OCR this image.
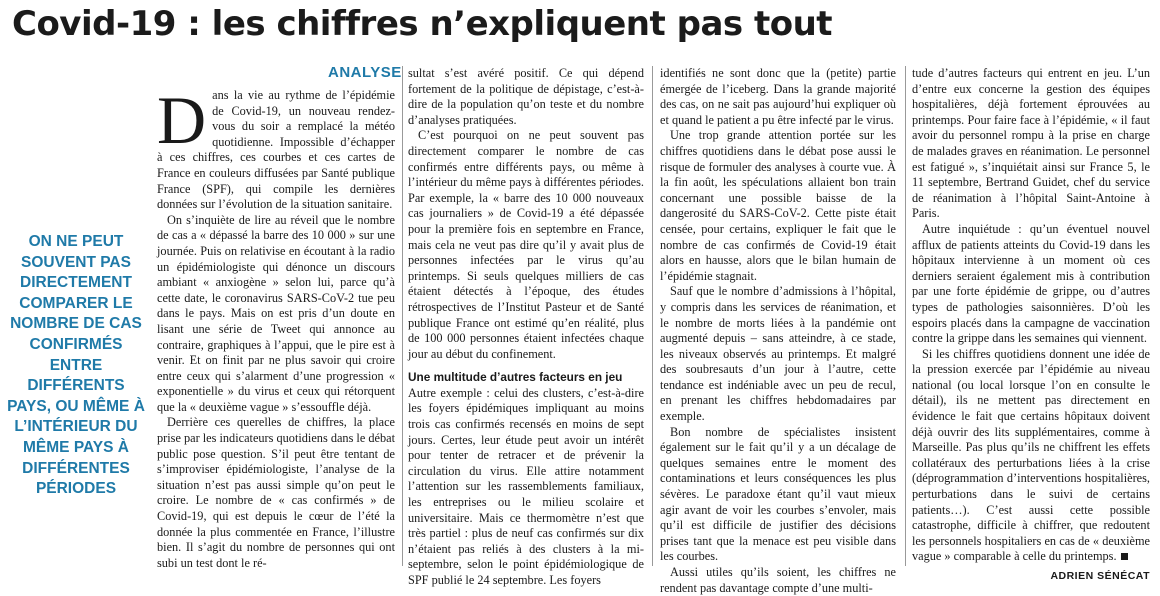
Covid-19 : les chiffres n’expliquent pas tout
ANALYSE
ON NE PEUT SOUVENT PAS DIRECTEMENT COMPARER LE NOMBRE DE CAS CONFIRMÉS ENTRE DIFFÉRENTS PAYS, OU MÊME À L’INTÉRIEUR DU MÊME PAYS À DIFFÉRENTES PÉRIODES

Dans la vie au rythme de l’épidémie de Covid-19, un nouveau rendez-vous du soir a remplacé la météo quotidienne. Impossible d’échapper à ces chiffres, ces courbes et ces cartes de France en couleurs diffusées par Santé publique France (SPF), qui compile les dernières données sur l’évolution de la situation sanitaire.

On s’inquiète de lire au réveil que le nombre de cas a « dépassé la barre des 10 000 » sur une journée. Puis on relativise en écoutant à la radio un épidémiologiste qui dénonce un discours ambiant « anxiogène » selon lui, parce qu’à cette date, le coronavirus SARS-CoV-2 tue peu dans le pays. Mais on est pris d’un doute en lisant une série de Tweet qui annonce au contraire, graphiques à l’appui, que le pire est à venir. Et on finit par ne plus savoir qui croire entre ceux qui s’alarment d’une progression « exponentielle » du virus et ceux qui rétorquent que la « deuxième vague » s’essouffle déjà.

Derrière ces querelles de chiffres, la place prise par les indicateurs quotidiens dans le débat public pose question. S’il peut être tentant de s’improviser épidémiologiste, l’analyse de la situation n’est pas aussi simple qu’on peut le croire. Le nombre de « cas confirmés » de Covid-19, qui est depuis le cœur de l’été la donnée la plus commentée en France, l’illustre bien. Il s’agit du nombre de personnes qui ont subi un test dont le ré-

sultat s’est avéré positif. Ce qui dépend fortement de la politique de dépistage, c’est-à-dire de la population qu’on teste et du nombre d’analyses pratiquées.

C’est pourquoi on ne peut souvent pas directement comparer le nombre de cas confirmés entre différents pays, ou même à l’intérieur du même pays à différentes périodes. Par exemple, la « barre des 10 000 nouveaux cas journaliers » de Covid-19 a été dépassée pour la première fois en septembre en France, mais cela ne veut pas dire qu’il y avait plus de personnes infectées par le virus qu’au printemps. Si seuls quelques milliers de cas étaient détectés à l’époque, des études rétrospectives de l’Institut Pasteur et de Santé publique France ont estimé qu’en réalité, plus de 100 000 personnes étaient infectées chaque jour au début du confinement.

Une multitude d’autres facteurs en jeu

Autre exemple : celui des clusters, c’est-à-dire les foyers épidémiques impliquant au moins trois cas confirmés recensés en moins de sept jours. Certes, leur étude peut avoir un intérêt pour tenter de retracer et de prévenir la circulation du virus. Elle attire notamment l’attention sur les rassemblements familiaux, les entreprises ou le milieu scolaire et universitaire. Mais ce thermomètre n’est que très partiel : plus de neuf cas confirmés sur dix n’étaient pas reliés à des clusters à la mi-septembre, selon le point épidémiologique de SPF publié le 24 septembre. Les foyers

identifiés ne sont donc que la (petite) partie émergée de l’iceberg. Dans la grande majorité des cas, on ne sait pas aujourd’hui expliquer où et quand le patient a pu être infecté par le virus.

Une trop grande attention portée sur les chiffres quotidiens dans le débat pose aussi le risque de formuler des analyses à courte vue. À la fin août, les spéculations allaient bon train concernant une possible baisse de la dangerosité du SARS-CoV-2. Cette piste était censée, pour certains, expliquer le fait que le nombre de cas confirmés de Covid-19 était alors en hausse, alors que le bilan humain de l’épidémie stagnait.

Sauf que le nombre d’admissions à l’hôpital, y compris dans les services de réanimation, et le nombre de morts liées à la pandémie ont augmenté depuis – sans atteindre, à ce stade, les niveaux observés au printemps. Et malgré des soubresauts d’un jour à l’autre, cette tendance est indéniable avec un peu de recul, en prenant les chiffres hebdomadaires par exemple.

Bon nombre de spécialistes insistent également sur le fait qu’il y a un décalage de quelques semaines entre le moment des contaminations et leurs conséquences les plus sévères. Le paradoxe étant qu’il vaut mieux agir avant de voir les courbes s’envoler, mais qu’il est difficile de justifier des décisions prises tant que la menace est peu visible dans les courbes.

Aussi utiles qu’ils soient, les chiffres ne rendent pas davantage compte d’une multi-

tude d’autres facteurs qui entrent en jeu. L’un d’entre eux concerne la gestion des équipes hospitalières, déjà fortement éprouvées au printemps. Pour faire face à l’épidémie, « il faut avoir du personnel rompu à la prise en charge de malades graves en réanimation. Le personnel est fatigué », s’inquiétait ainsi sur France 5, le 11 septembre, Bertrand Guidet, chef du service de réanimation à l’hôpital Saint-Antoine à Paris.

Autre inquiétude : qu’un éventuel nouvel afflux de patients atteints du Covid-19 dans les hôpitaux intervienne à un moment où ces derniers seraient également mis à contribution par une forte épidémie de grippe, ou d’autres types de pathologies saisonnières. D’où les espoirs placés dans la campagne de vaccination contre la grippe dans les semaines qui viennent.

Si les chiffres quotidiens donnent une idée de la pression exercée par l’épidémie au niveau national (ou local lorsque l’on en consulte le détail), ils ne mettent pas directement en évidence le fait que certains hôpitaux doivent déjà ouvrir des lits supplémentaires, comme à Marseille. Pas plus qu’ils ne chiffrent les effets collatéraux des perturbations liées à la crise (déprogrammation d’interventions hospitalières, perturbations dans le suivi de certains patients…). C’est aussi cette possible catastrophe, difficile à chiffrer, que redoutent les personnels hospitaliers en cas de « deuxième vague » comparable à celle du printemps.

ADRIEN SÉNÉCAT
